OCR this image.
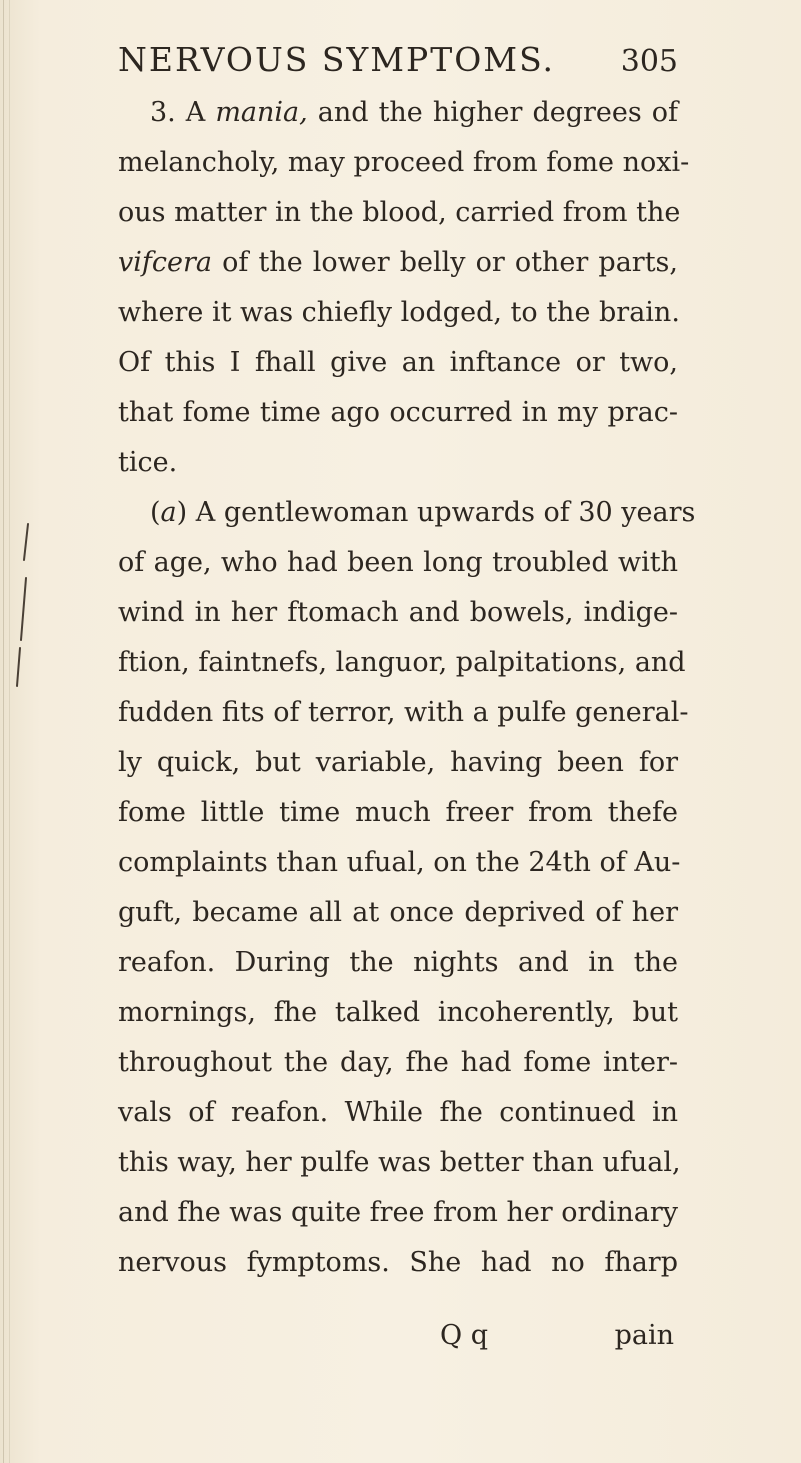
NERVOUS SYMPTOMS. 305
3. A mania, and the higher degrees of
melancholy, may proceed from fome noxi-
ous matter in the blood, carried from the
vifcera of the lower belly or other parts,
where it was chiefly lodged, to the brain.
Of this I fhall give an inftance or two,
that fome time ago occurred in my prac-
tice.
(a) A gentlewoman upwards of 30 years
of age, who had been long troubled with
wind in her ftomach and bowels, indige-
ftion, faintnefs, languor, palpitations, and
fudden fits of terror, with a pulfe general-
ly quick, but variable, having been for
fome little time much freer from thefe
complaints than ufual, on the 24th of Au-
guft, became all at once deprived of her
reafon. During the nights and in the
mornings, fhe talked incoherently, but
throughout the day, fhe had fome inter-
vals of reafon. While fhe continued in
this way, her pulfe was better than ufual,
and fhe was quite free from her ordinary
nervous fymptoms. She had no fharp
Q q	pain
